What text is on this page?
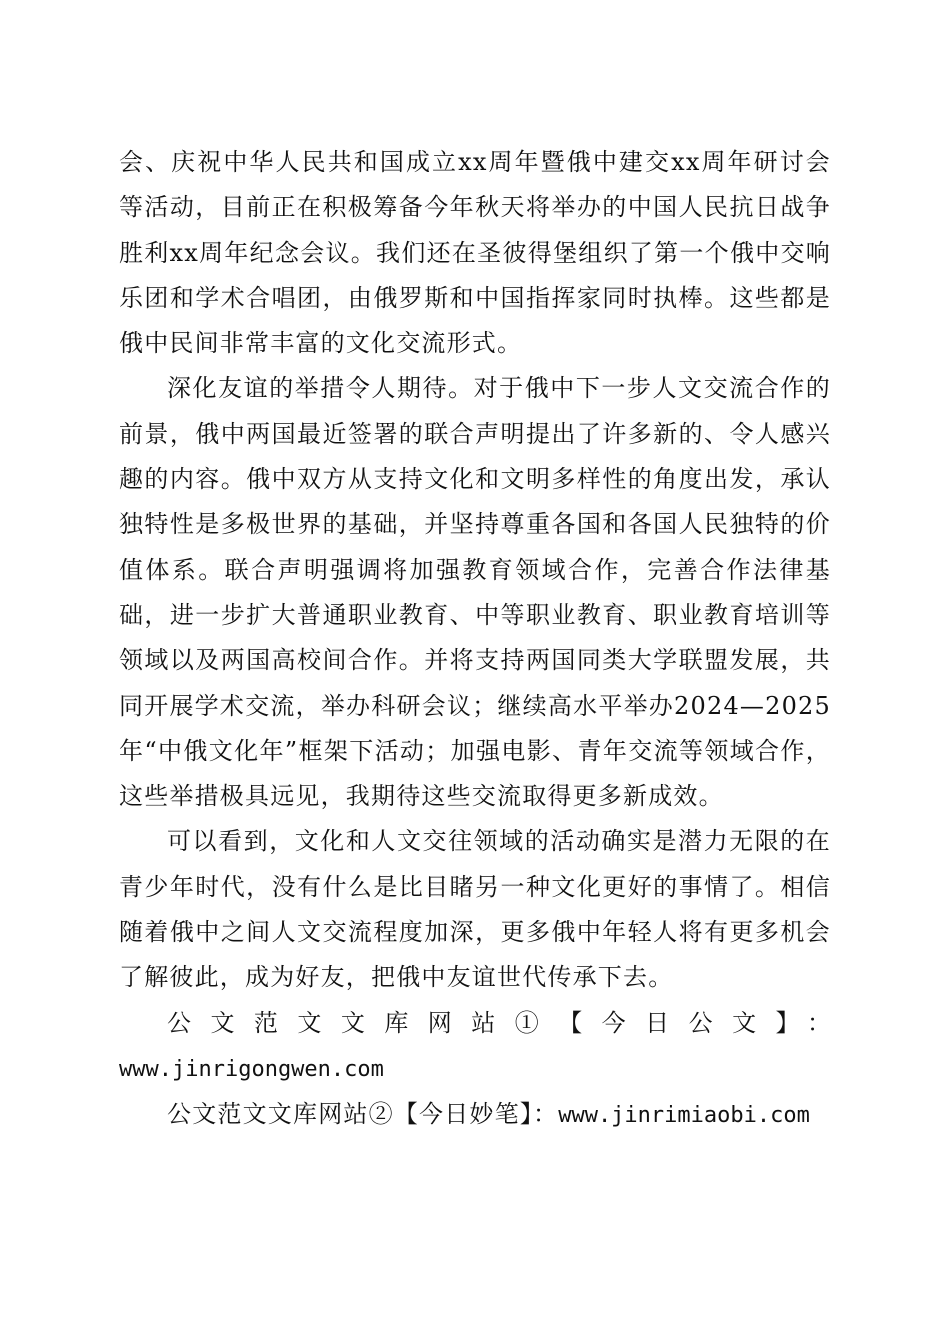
会、庆祝中华人民共和国成立xx周年暨俄中建交xx周年研讨会等活动，目前正在积极筹备今年秋天将举办的中国人民抗日战争胜利xx周年纪念会议。我们还在圣彼得堡组织了第一个俄中交响乐团和学术合唱团，由俄罗斯和中国指挥家同时执棒。这些都是俄中民间非常丰富的文化交流形式。

深化友谊的举措令人期待。对于俄中下一步人文交流合作的前景，俄中两国最近签署的联合声明提出了许多新的、令人感兴趣的内容。俄中双方从支持文化和文明多样性的角度出发，承认独特性是多极世界的基础，并坚持尊重各国和各国人民独特的价值体系。联合声明强调将加强教育领域合作，完善合作法律基础，进一步扩大普通职业教育、中等职业教育、职业教育培训等领域以及两国高校间合作。并将支持两国同类大学联盟发展，共同开展学术交流，举办科研会议；继续高水平举办2024—2025年“中俄文化年”框架下活动；加强电影、青年交流等领域合作，这些举措极具远见，我期待这些交流取得更多新成效。

可以看到，文化和人文交往领域的活动确实是潜力无限的在青少年时代，没有什么是比目睹另一种文化更好的事情了。相信随着俄中之间人文交流程度加深，更多俄中年轻人将有更多机会了解彼此，成为好友，把俄中友谊世代传承下去。

公文范文文库网站①【今日公文】：

www.jinrigongwen.com

公文范文文库网站②【今日妙笔】：www.jinrimiaobi.com
